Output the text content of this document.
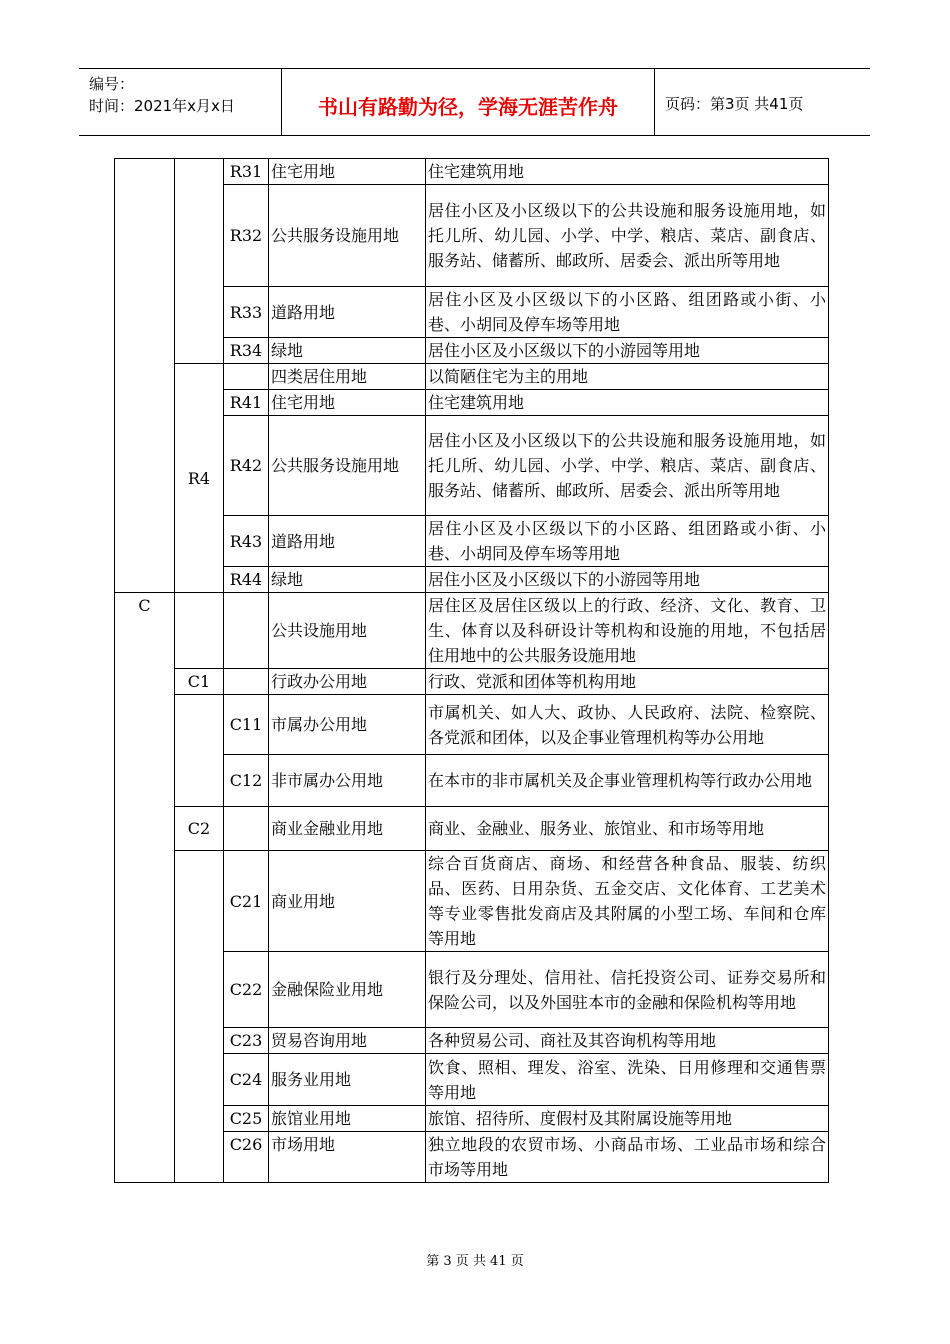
编号：
时间：2021年x月x日	书山有路勤为径，学海无涯苦作舟	页码：第3页 共41页
		R31	住宅用地	住宅建筑用地
		R32	公共服务设施用地	居住小区及小区级以下的公共设施和服务设施用地，如托儿所、幼儿园、小学、中学、粮店、菜店、副食店、服务站、储蓄所、邮政所、居委会、派出所等用地
		R33	道路用地	居住小区及小区级以下的小区路、组团路或小街、小巷、小胡同及停车场等用地
		R34	绿地	居住小区及小区级以下的小游园等用地
	R4		四类居住用地	以简陋住宅为主的用地
		R41	住宅用地	住宅建筑用地
		R42	公共服务设施用地	居住小区及小区级以下的公共设施和服务设施用地，如托儿所、幼儿园、小学、中学、粮店、菜店、副食店、服务站、储蓄所、邮政所、居委会、派出所等用地
		R43	道路用地	居住小区及小区级以下的小区路、组团路或小街、小巷、小胡同及停车场等用地
		R44	绿地	居住小区及小区级以下的小游园等用地
C			公共设施用地	居住区及居住区级以上的行政、经济、文化、教育、卫生、体育以及科研设计等机构和设施的用地，不包括居住用地中的公共服务设施用地
	C1		行政办公用地	行政、党派和团体等机构用地
		C11	市属办公用地	市属机关、如人大、政协、人民政府、法院、检察院、各党派和团体，以及企事业管理机构等办公用地
		C12	非市属办公用地	在本市的非市属机关及企事业管理机构等行政办公用地
	C2		商业金融业用地	商业、金融业、服务业、旅馆业、和市场等用地
		C21	商业用地	综合百货商店、商场、和经营各种食品、服装、纺织品、医药、日用杂货、五金交店、文化体育、工艺美术等专业零售批发商店及其附属的小型工场、车间和仓库等用地
		C22	金融保险业用地	银行及分理处、信用社、信托投资公司、证券交易所和保险公司，以及外国驻本市的金融和保险机构等用地
		C23	贸易咨询用地	各种贸易公司、商社及其咨询机构等用地
		C24	服务业用地	饮食、照相、理发、浴室、洗染、日用修理和交通售票等用地
		C25	旅馆业用地	旅馆、招待所、度假村及其附属设施等用地
		C26	市场用地	独立地段的农贸市场、小商品市场、工业品市场和综合市场等用地
第 3 页 共 41 页
